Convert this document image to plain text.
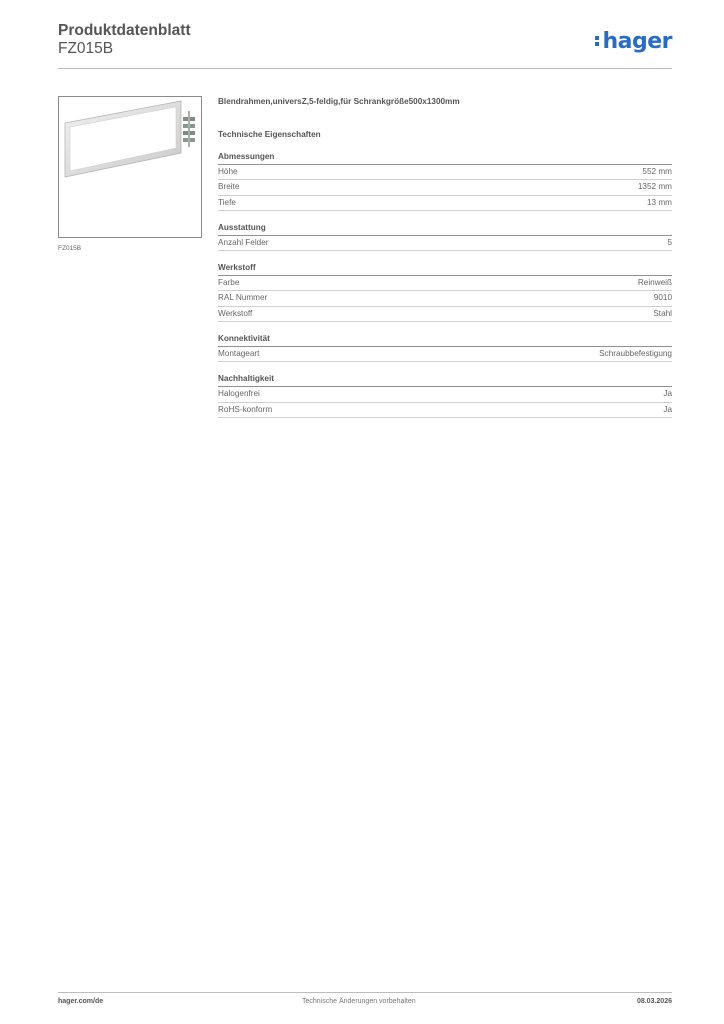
Produktdatenblatt
FZ015B	hager
FZ015B
Blendrahmen,universZ,5-feldig,für Schrankgröße500x1300mm
Technische Eigenschaften
Abmessungen
Höhe	552 mm
Breite	1352 mm
Tiefe	13 mm
Ausstattung
Anzahl Felder	5
Werkstoff
Farbe	Reinweiß
RAL Nummer	9010
Werkstoff	Stahl
Konnektivität
Montageart	Schraubbefestigung
Nachhaltigkeit
Halogenfrei	Ja
RoHS-konform	Ja
hager.com/de	Technische Änderungen vorbehalten	08.03.2026
